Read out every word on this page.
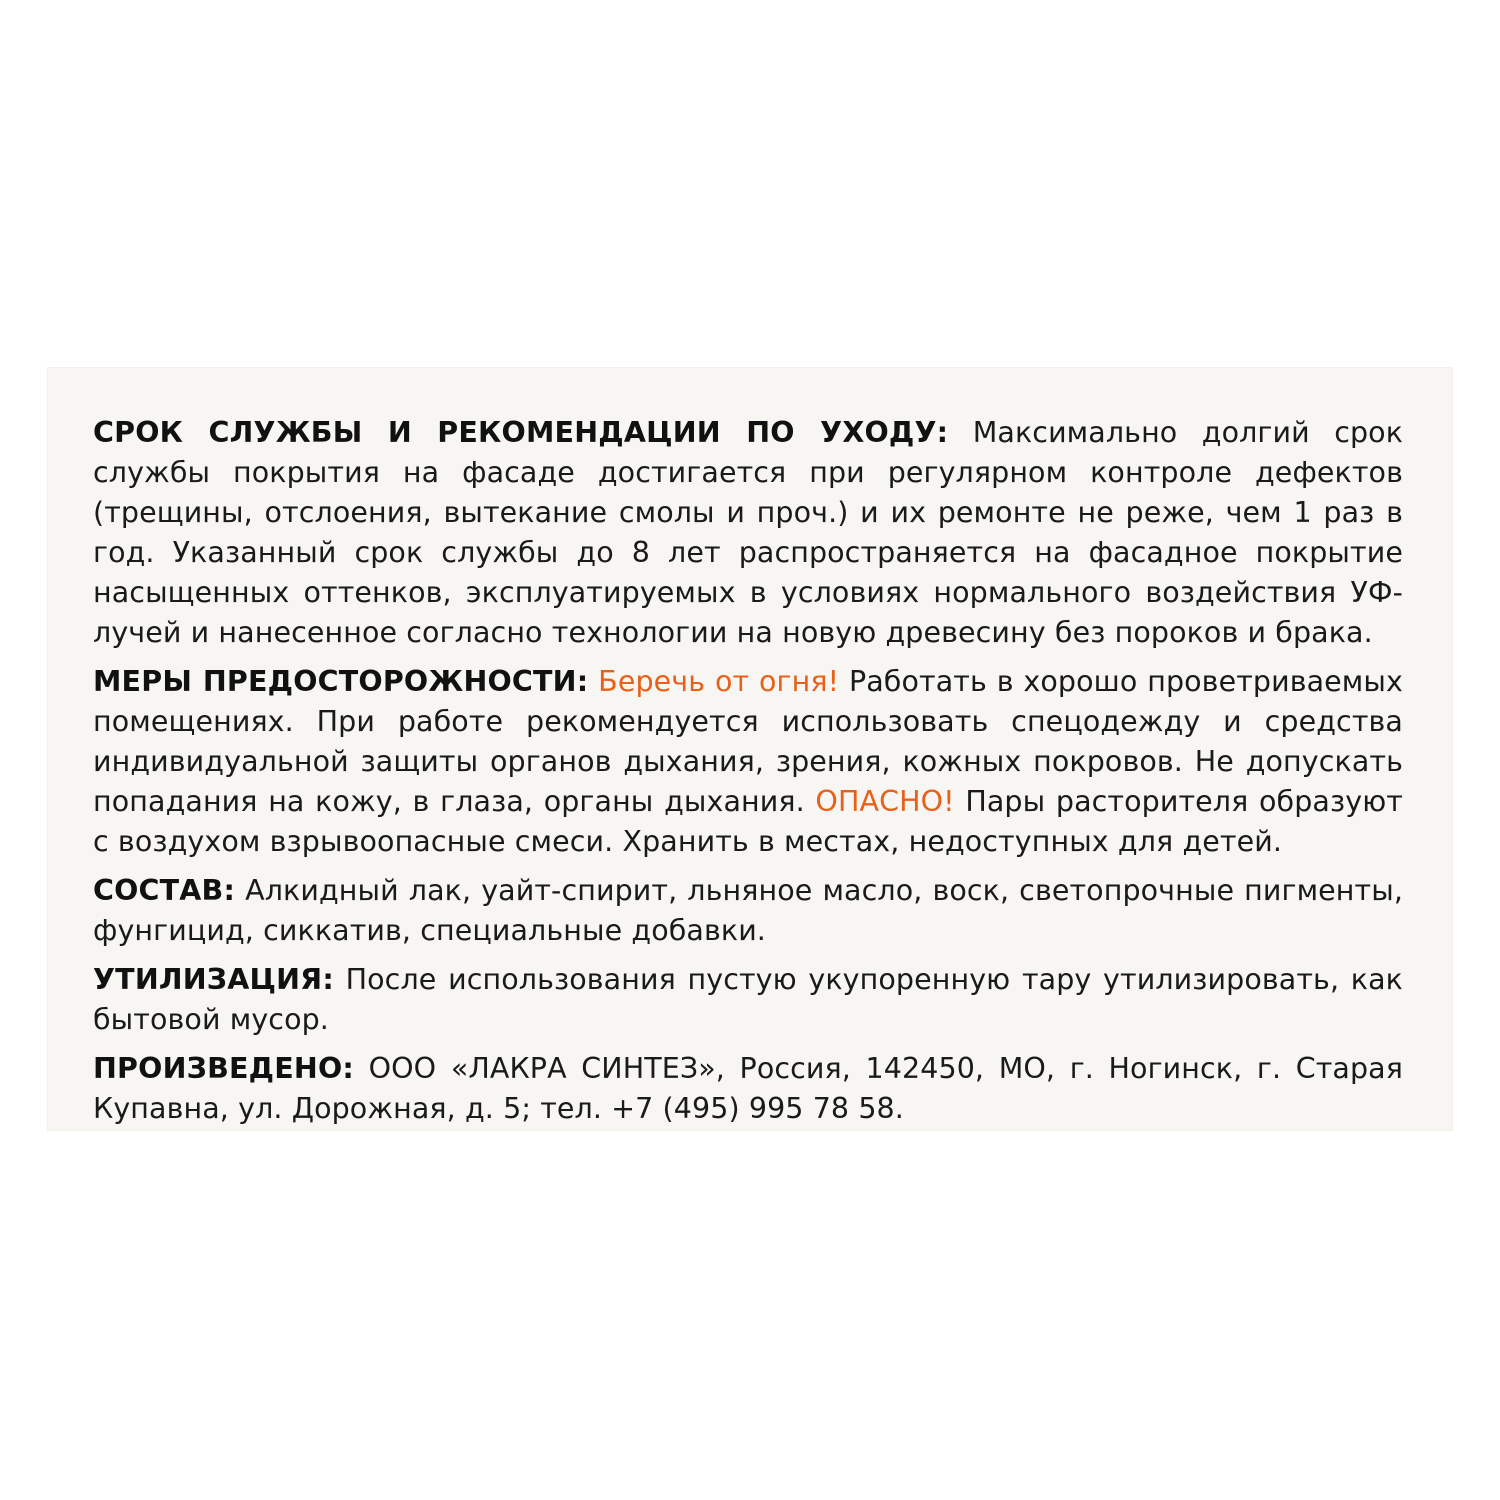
СРОК СЛУЖБЫ И РЕКОМЕНДАЦИИ ПО УХОДУ: Максимально долгий срок службы покрытия на фасаде достигается при регулярном контроле дефектов (трещины, отслоения, вытекание смолы и проч.) и их ремонте не реже, чем 1 раз в год. Указанный срок службы до 8 лет распространяется на фасадное покрытие насыщенных оттенков, эксплуатируемых в условиях нормального воздействия УФ-лучей и нанесенное согласно технологии на новую древесину без пороков и брака.

МЕРЫ ПРЕДОСТОРОЖНОСТИ: Беречь от огня! Работать в хорошо проветриваемых помещениях. При работе рекомендуется использовать спецодежду и средства индивидуальной защиты органов дыхания, зрения, кожных покровов. Не допускать попадания на кожу, в глаза, органы дыхания. ОПАСНО! Пары расторителя образуют с воздухом взрывоопасные смеси. Хранить в местах, недоступных для детей.

СОСТАВ: Алкидный лак, уайт-спирит, льняное масло, воск, светопрочные пигменты, фунгицид, сиккатив, специальные добавки.

УТИЛИЗАЦИЯ: После использования пустую укупоренную тару утилизировать, как бытовой мусор.

ПРОИЗВЕДЕНО: ООО «ЛАКРА СИНТЕЗ», Россия, 142450, МО, г. Ногинск, г. Старая Купавна, ул. Дорожная, д. 5; тел. +7 (495) 995 78 58.
